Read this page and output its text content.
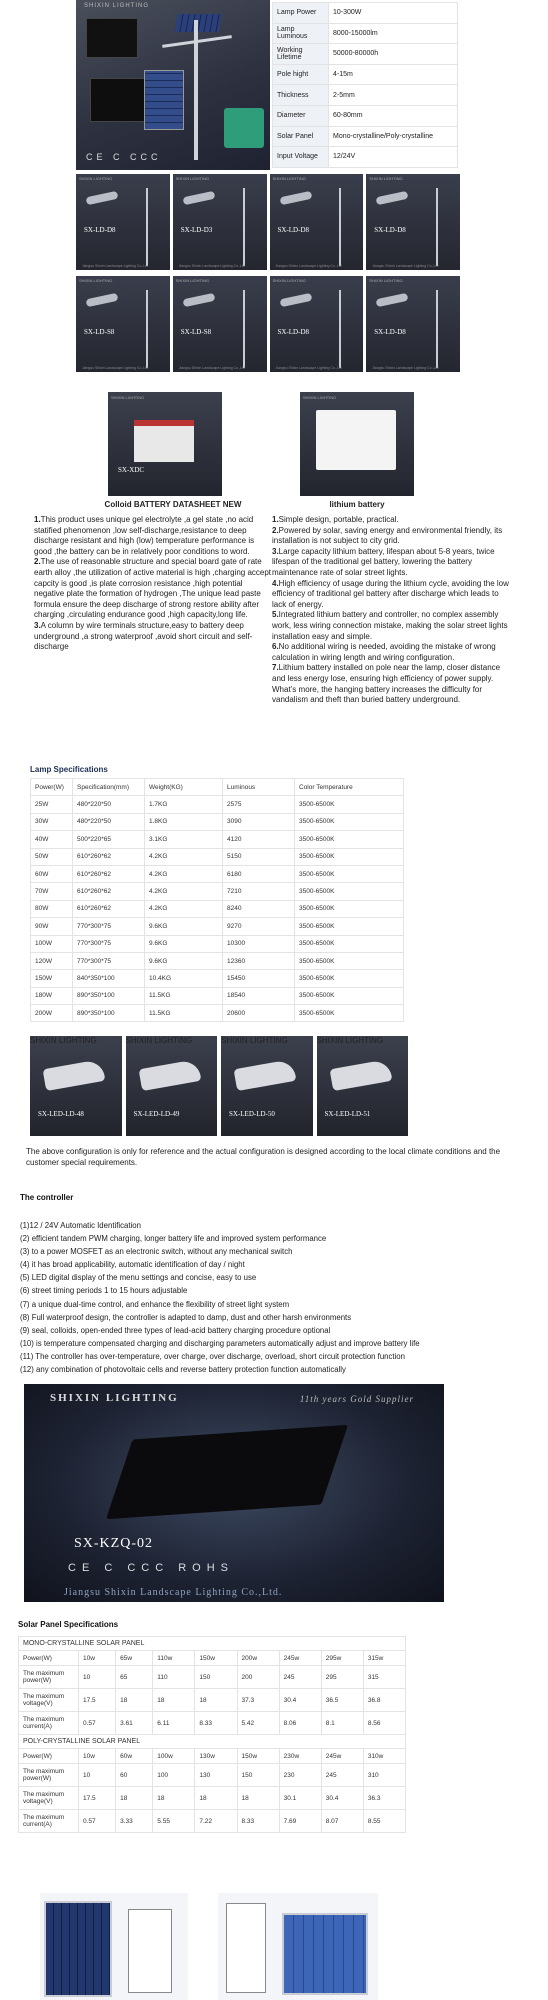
SHIXIN LIGHTING
CE C CCC
Lamp Power	10-300W
Lamp Luminous	8000-15000lm
Working Lifetime	50000-80000h
Pole hight	4-15m
Thickness	2-5mm
Diameter	60-80mm
Solar Panel	Mono-crystalline/Poly-crystalline
Input Voltage	12/24V
SHIXIN LIGHTING
SX-LD-D8
Jiangsu Shixin Landscape Lighting Co.,Ltd
SHIXIN LIGHTING
SX-LD-D3
Jiangsu Shixin Landscape Lighting Co.,Ltd
SHIXIN LIGHTING
SX-LD-D8
Jiangsu Shixin Landscape Lighting Co.,Ltd
SHIXIN LIGHTING
SX-LD-D8
Jiangsu Shixin Landscape Lighting Co.,Ltd
SHIXIN LIGHTING
SX-LD-S8
Jiangsu Shixin Landscape Lighting Co.,Ltd
SHIXIN LIGHTING
SX-LD-S8
Jiangsu Shixin Landscape Lighting Co.,Ltd
SHIXIN LIGHTING
SX-LD-D8
Jiangsu Shixin Landscape Lighting Co.,Ltd
SHIXIN LIGHTING
SX-LD-D8
Jiangsu Shixin Landscape Lighting Co.,Ltd
SHIXIN LIGHTING
SX-XDC
SHIXIN LIGHTING
Colloid BATTERY DATASHEET NEW	lithium battery
1.This product uses unique gel electrolyte ,a gel state ,no acid statified phenomenon ,low self-discharge,resistance to deep discharge resistant and high (low) temperature performance is good ,the battery can be in relatively poor conditions to word.
2.The use of reasonable structure and special board gate of rate earth alloy ,the utilization of active material is high ,charging accept capcity is good ,is plate corrosion resistance ,high potential negative plate the formation of hydrogen ,The unique lead paste formula ensure the deep discharge of strong restore ability after charging ,circulating endurance good ,high capacity,long life.
3.A column by wire terminals structure,easy to battery deep underground ,a strong waterproof ,avoid short circuit and self- discharge
1.Simple design, portable, practical.
2.Powered by solar, saving energy and environmental friendly, its installation is not subject to city grid.
3.Large capacity lithium battery, lifespan about 5-8 years, twice lifespan of the traditional gel battery, lowering the battery maintenance rate of solar street lights.
4.High efficiency of usage during the lithium cycle, avoiding the low efficiency of traditional gel battery after discharge which leads to lack of energy.
5.Integrated lithium battery and controller, no complex assembly work, less wiring connection mistake, making the solar street lights installation easy and simple.
6.No additional wiring is needed, avoiding the mistake of wrong calculation in wiring length and wiring configuration.
7.Lithium battery installed on pole near the lamp, closer distance and less energy lose, ensuring high efficiency of power supply. What’s more, the hanging battery increases the difficulty for vandalism and theft than buried battery underground.
Lamp Specifications
Power(W)	Specification(mm)	Weight(KG)	Luminous	Color Temperature
25W	480*220*50	1.7KG	2575	3500-6500K
30W	480*220*50	1.8KG	3090	3500-6500K
40W	500*220*65	3.1KG	4120	3500-6500K
50W	610*260*62	4.2KG	5150	3500-6500K
60W	610*260*62	4.2KG	6180	3500-6500K
70W	610*260*62	4.2KG	7210	3500-6500K
80W	610*260*62	4.2KG	8240	3500-6500K
90W	770*300*75	9.6KG	9270	3500-6500K
100W	770*300*75	9.6KG	10300	3500-6500K
120W	770*300*75	9.6KG	12360	3500-6500K
150W	840*350*100	10.4KG	15450	3500-6500K
180W	890*350*100	11.5KG	18540	3500-6500K
200W	890*350*100	11.5KG	20600	3500-6500K
SHIXIN LIGHTING
SX-LED-LD-48
SHIXIN LIGHTING
SX-LED-LD-49
SHIXIN LIGHTING
SX-LED-LD-50
SHIXIN LIGHTING
SX-LED-LD-51
The above configuration is only for reference and the actual configuration is designed according to the local climate conditions and the customer special requirements.
The controller
(1)12 / 24V Automatic Identification
(2) efficient tandem PWM charging, longer battery life and improved system performance
(3) to a power MOSFET as an electronic switch, without any mechanical switch
(4) it has broad applicability, automatic identification of day / night
(5) LED digital display of the menu settings and concise, easy to use
(6) street timing periods 1 to 15 hours adjustable
(7) a unique dual-time control, and enhance the flexibility of street light system
(8) Full waterproof design, the controller is adapted to damp, dust and other harsh environments
(9) seal, colloids, open-ended three types of lead-acid battery charging procedure optional
(10) is temperature compensated charging and discharging parameters automatically adjust and improve battery life
(11) The controller has over-temperature, over charge, over discharge, overload, short circuit protection function
(12) any combination of photovoltaic cells and reverse battery protection function automatically
SHIXIN LIGHTING	11th years Gold Supplier
SX-KZQ-02
CE C CCC ROHS
Jiangsu Shixin Landscape Lighting Co.,Ltd.
Solar Panel Specifications
MONO-CRYSTALLINE SOLAR PANEL								
Power(W)	10w	65w	110w	150w	200w	245w	295w	315w
The maximum power(W)	10	65	110	150	200	245	295	315
The maximum voltage(V)	17.5	18	18	18	37.3	30.4	36.5	36.8
The maximum current(A)	0.57	3.61	6.11	8.33	5.42	8.06	8.1	8.56
POLY-CRYSTALLINE SOLAR PANEL								
Power(W)	10w	60w	100w	130w	150w	230w	245w	310w
The maximum power(W)	10	60	100	130	150	230	245	310
The maximum voltage(V)	17.5	18	18	18	18	30.1	30.4	36.3
The maximum current(A)	0.57	3.33	5.55	7.22	8.33	7.69	8.07	8.55
